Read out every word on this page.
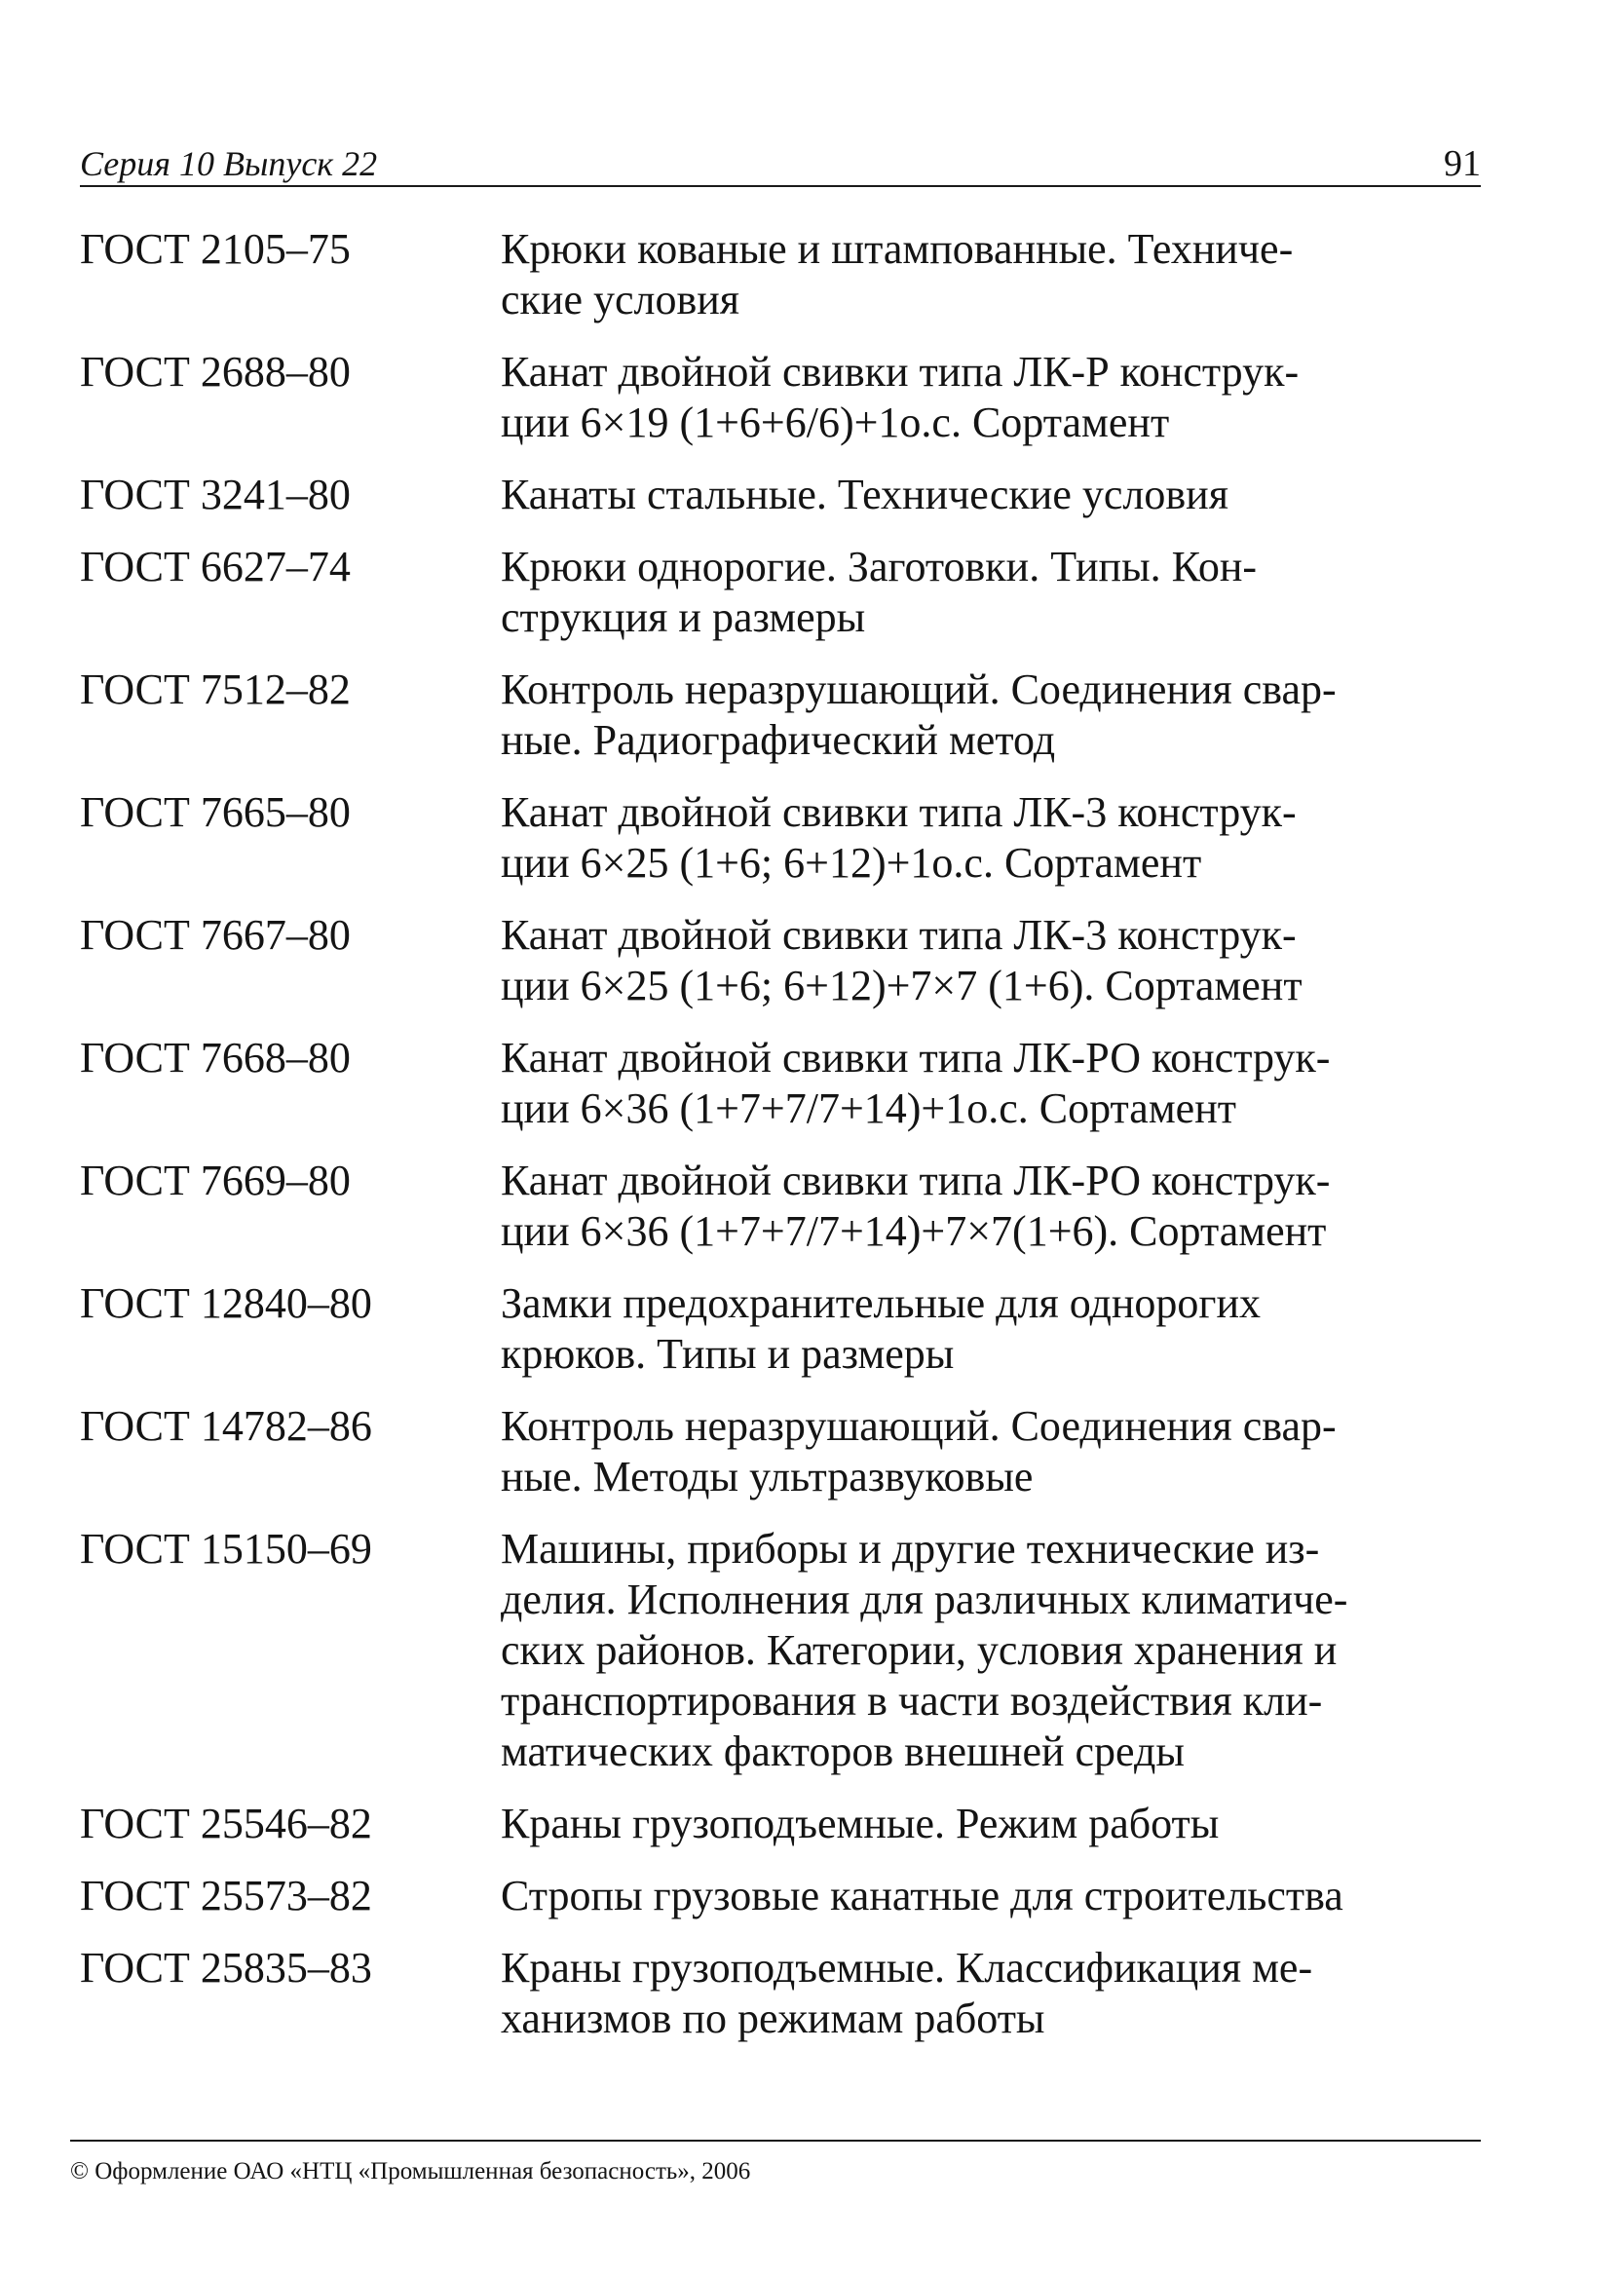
Серия 10 Выпуск 22	91
ГОСТ 2105–75	Крюки кованые и штампованные. Техниче-
ские условия
ГОСТ 2688–80	Канат двойной свивки типа ЛК-Р конструк-
ции 6×19 (1+6+6/6)+1о.с. Сортамент
ГОСТ 3241–80	Канаты стальные. Технические условия
ГОСТ 6627–74	Крюки однорогие. Заготовки. Типы. Кон-
струкция и размеры
ГОСТ 7512–82	Контроль неразрушающий. Соединения свар-
ные. Радиографический метод
ГОСТ 7665–80	Канат двойной свивки типа ЛК-3 конструк-
ции 6×25 (1+6; 6+12)+1о.с. Сортамент
ГОСТ 7667–80	Канат двойной свивки типа ЛК-3 конструк-
ции 6×25 (1+6; 6+12)+7×7 (1+6). Сортамент
ГОСТ 7668–80	Канат двойной свивки типа ЛК-РО конструк-
ции 6×36 (1+7+7/7+14)+1о.с. Сортамент
ГОСТ 7669–80	Канат двойной свивки типа ЛК-РО конструк-
ции 6×36 (1+7+7/7+14)+7×7(1+6). Сортамент
ГОСТ 12840–80	Замки предохранительные для однорогих
крюков. Типы и размеры
ГОСТ 14782–86	Контроль неразрушающий. Соединения свар-
ные. Методы ультразвуковые
ГОСТ 15150–69	Машины, приборы и другие технические из-
делия. Исполнения для различных климатиче-
ских районов. Категории, условия хранения и
транспортирования в части воздействия кли-
матических факторов внешней среды
ГОСТ 25546–82	Краны грузоподъемные. Режим работы
ГОСТ 25573–82	Стропы грузовые канатные для строительства
ГОСТ 25835–83	Краны грузоподъемные. Классификация ме-
ханизмов по режимам работы
© Оформление ОАО «НТЦ «Промышленная безопасность», 2006
